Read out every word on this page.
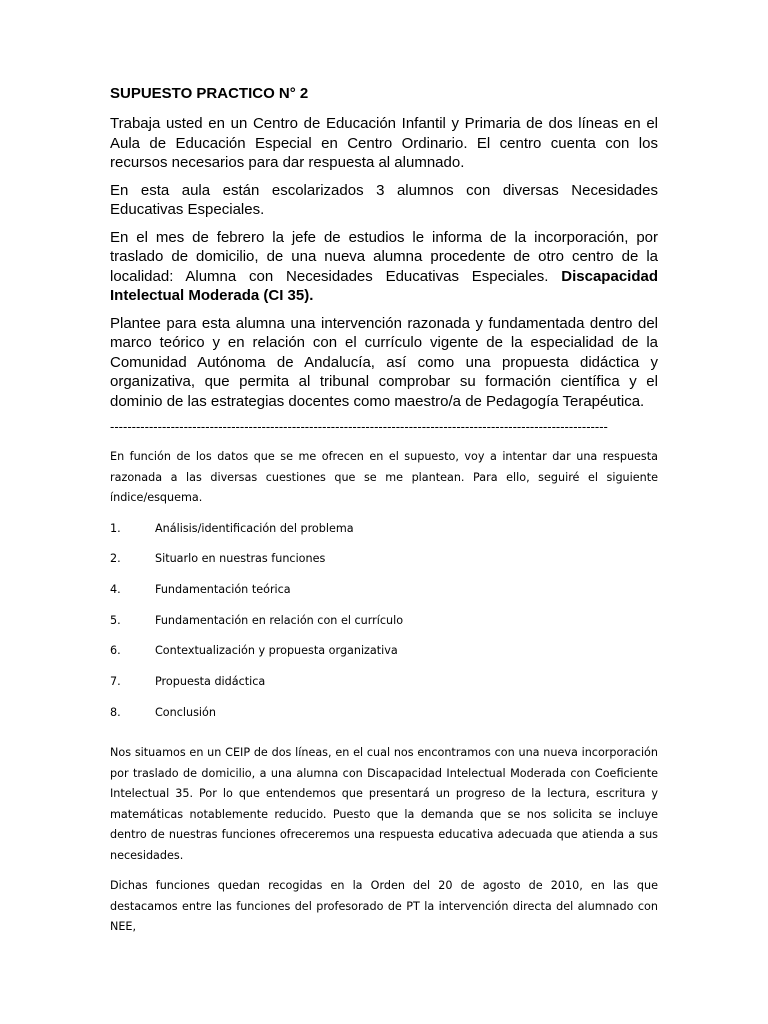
SUPUESTO PRACTICO N° 2

Trabaja usted en un Centro de Educación Infantil y Primaria de dos líneas en el Aula de Educación Especial en Centro Ordinario. El centro cuenta con los recursos necesarios para dar respuesta al alumnado.

En esta aula están escolarizados 3 alumnos con diversas Necesidades Educativas Especiales.

En el mes de febrero la jefe de estudios le informa de la incorporación, por traslado de domicilio, de una nueva alumna procedente de otro centro de la localidad: Alumna con Necesidades Educativas Especiales. Discapacidad Intelectual Moderada (CI 35).

Plantee para esta alumna una intervención razonada y fundamentada dentro del marco teórico y en relación con el currículo vigente de la especialidad de la Comunidad Autónoma de Andalucía, así como una propuesta didáctica y organizativa, que permita al tribunal comprobar su formación científica y el dominio de las estrategias docentes como maestro/a de Pedagogía Terapéutica.

-------------------------------------------------------------------------------------------------------------------

En función de los datos que se me ofrecen en el supuesto, voy a intentar dar una respuesta razonada a las diversas cuestiones que se me plantean. Para ello, seguiré el siguiente índice/esquema.

1.	Análisis/identificación del problema
2.	Situarlo en nuestras funciones
4.	Fundamentación teórica
5.	Fundamentación en relación con el currículo
6.	Contextualización y propuesta organizativa
7.	Propuesta didáctica
8.	Conclusión

Nos situamos en un CEIP de dos líneas, en el cual nos encontramos con una nueva incorporación por traslado de domicilio, a una alumna con Discapacidad Intelectual Moderada con Coeficiente Intelectual 35. Por lo que entendemos que presentará un progreso de la lectura, escritura y matemáticas notablemente reducido. Puesto que la demanda que se nos solicita se incluye dentro de nuestras funciones ofreceremos una respuesta educativa adecuada que atienda a sus necesidades.

Dichas funciones quedan recogidas en la Orden del 20 de agosto de 2010, en las que destacamos entre las funciones del profesorado de PT la intervención directa del alumnado con NEE,
